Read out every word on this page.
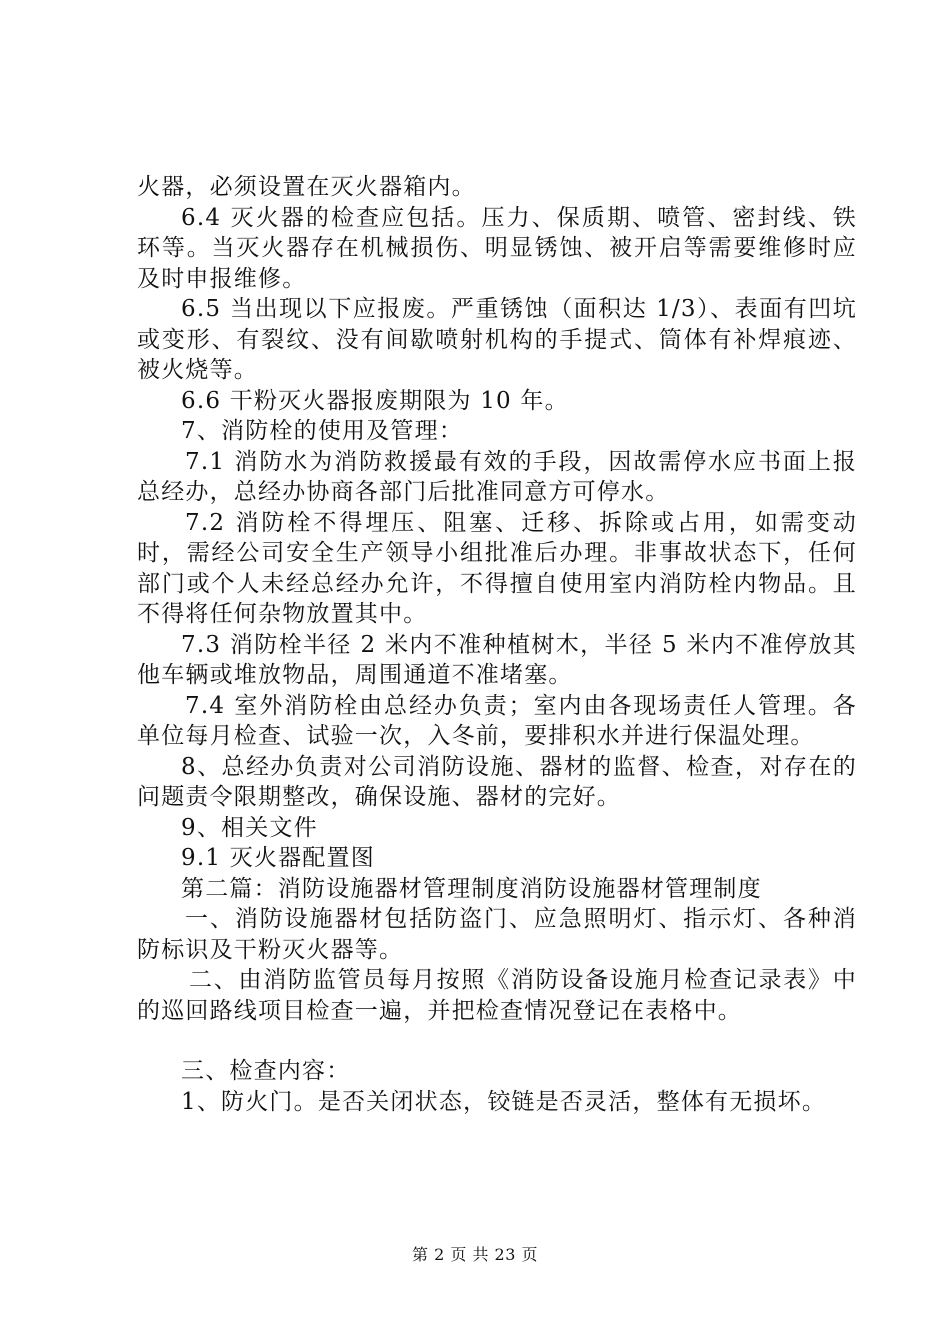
火器，必须设置在灭火器箱内。

6.4 灭火器的检查应包括。压力、保质期、喷管、密封线、铁环等。当灭火器存在机械损伤、明显锈蚀、被开启等需要维修时应及时申报维修。

6.5 当出现以下应报废。严重锈蚀（面积达 1/3）、表面有凹坑或变形、有裂纹、没有间歇喷射机构的手提式、筒体有补焊痕迹、被火烧等。

6.6 干粉灭火器报废期限为 10 年。

7、消防栓的使用及管理：

7.1 消防水为消防救援最有效的手段，因故需停水应书面上报总经办，总经办协商各部门后批准同意方可停水。

7.2 消防栓不得埋压、阻塞、迁移、拆除或占用，如需变动时，需经公司安全生产领导小组批准后办理。非事故状态下，任何部门或个人未经总经办允许，不得擅自使用室内消防栓内物品。且不得将任何杂物放置其中。

7.3 消防栓半径 2 米内不准种植树木，半径 5 米内不准停放其他车辆或堆放物品，周围通道不准堵塞。

7.4 室外消防栓由总经办负责；室内由各现场责任人管理。各单位每月检查、试验一次，入冬前，要排积水并进行保温处理。

8、总经办负责对公司消防设施、器材的监督、检查，对存在的问题责令限期整改，确保设施、器材的完好。

9、相关文件

9.1 灭火器配置图

第二篇：消防设施器材管理制度消防设施器材管理制度

一、消防设施器材包括防盗门、应急照明灯、指示灯、各种消防标识及干粉灭火器等。

二、由消防监管员每月按照《消防设备设施月检查记录表》中的巡回路线项目检查一遍，并把检查情况登记在表格中。

三、检查内容：

1、防火门。是否关闭状态，铰链是否灵活，整体有无损坏。

第 2 页 共 23 页
